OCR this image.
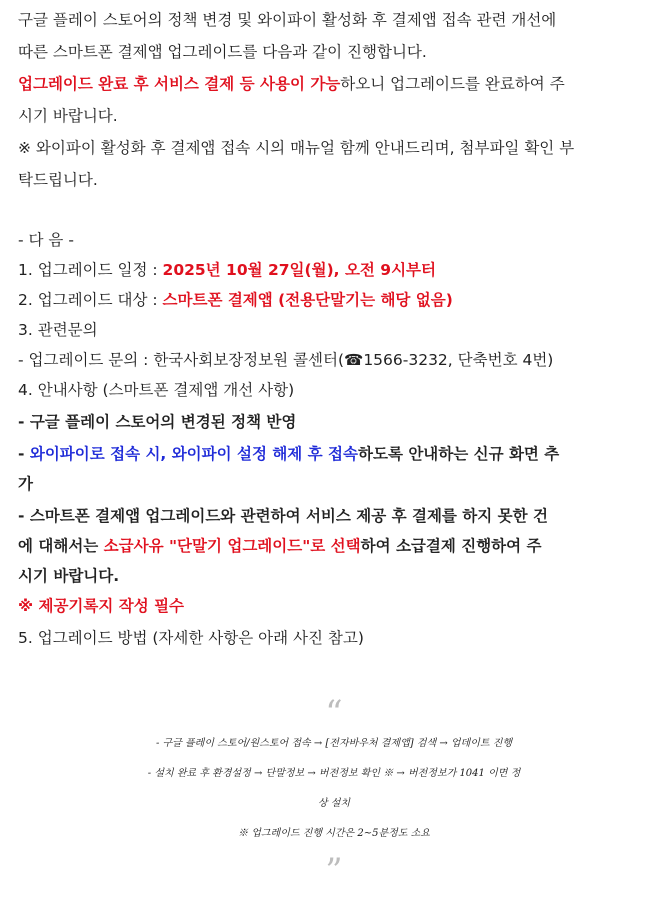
구글 플레이 스토어의 정책 변경 및 와이파이 활성화 후 결제앱 접속 관련 개선에
따른 스마트폰 결제앱 업그레이드를 다음과 같이 진행합니다.
업그레이드 완료 후 서비스 결제 등 사용이 가능하오니 업그레이드를 완료하여 주
시기 바랍니다.
※ 와이파이 활성화 후 결제앱 접속 시의 매뉴얼 함께 안내드리며, 첨부파일 확인 부
탁드립니다.
- 다 음 -
1. 업그레이드 일정 : 2025년 10월 27일(월), 오전 9시부터
2. 업그레이드 대상 : 스마트폰 결제앱 (전용단말기는 해당 없음)
3. 관련문의
- 업그레이드 문의 : 한국사회보장정보원 콜센터(☎1566-3232, 단축번호 4번)
4. 안내사항 (스마트폰 결제앱 개선 사항)
- 구글 플레이 스토어의 변경된 정책 반영
- 와이파이로 접속 시, 와이파이 설정 해제 후 접속하도록 안내하는 신규 화면 추
가
- 스마트폰 결제앱 업그레이드와 관련하여 서비스 제공 후 결제를 하지 못한 건
에 대해서는 소급사유 "단말기 업그레이드"로 선택하여 소급결제 진행하여 주
시기 바랍니다.
※ 제공기록지 작성 필수
5. 업그레이드 방법 (자세한 사항은 아래 사진 참고)
“
- 구글 플레이 스토어/원스토어 접속 → [전자바우처 결제앱] 검색 → 업데이트 진행
- 설치 완료 후 환경설정 → 단말정보 → 버전정보 확인 ※ → 버전정보가 1041 이면 정
상 설치
※ 업그레이드 진행 시간은 2~5분정도 소요
”
